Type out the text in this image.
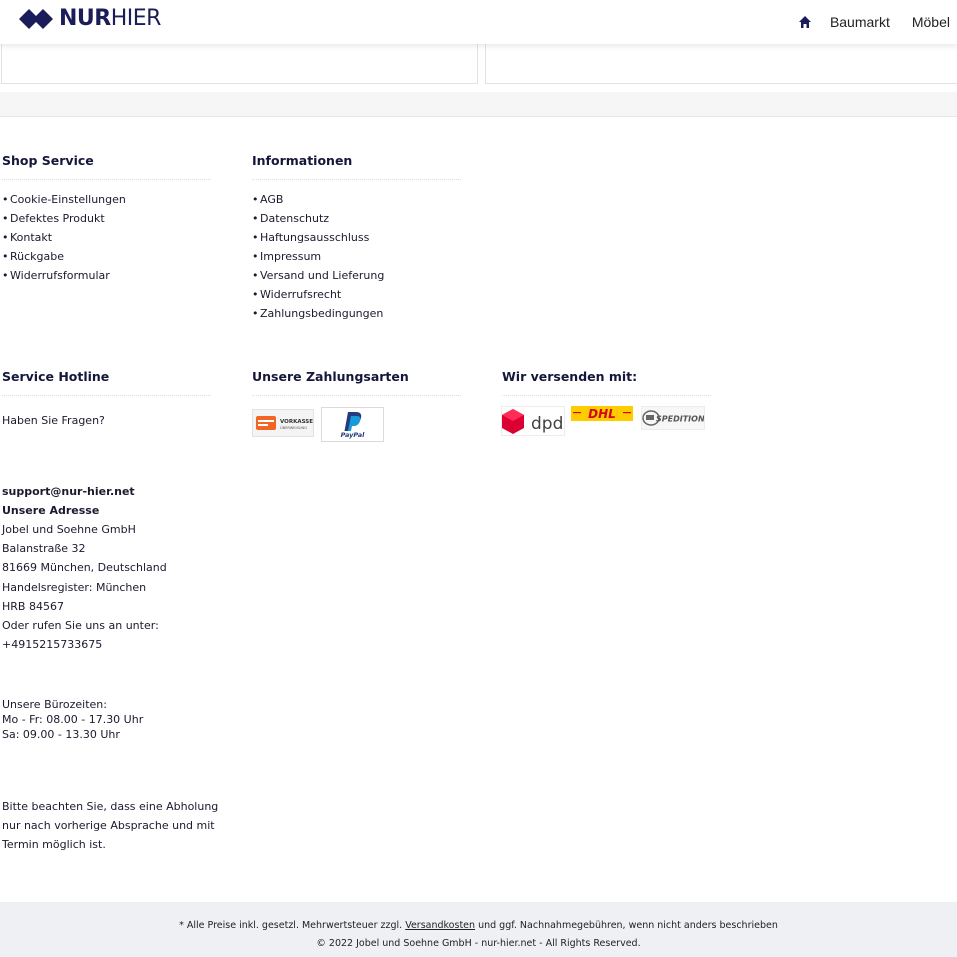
NURHIER	Baumarkt Möbel
Shop Service
• Cookie-Einstellungen
• Defektes Produkt
• Kontakt
• Rückgabe
• Widerrufsformular
Informationen
• AGB
• Datenschutz
• Haftungsausschluss
• Impressum
• Versand und Lieferung
• Widerrufsrecht
• Zahlungsbedingungen
Service Hotline
Haben Sie Fragen?
support@nur-hier.net
Unsere Adresse
Jobel und Soehne GmbH
Balanstraße 32
81669 München, Deutschland
Handelsregister: München
HRB 84567
Oder rufen Sie uns an unter:
+4915215733675
Unsere Bürozeiten:
Mo - Fr: 08.00 - 17.30 Uhr
Sa: 09.00 - 13.30 Uhr
Bitte beachten Sie, dass eine Abholung
nur nach vorherige Absprache und mit
Termin möglich ist.
Unsere Zahlungsarten
VORKASSE
ÜBERWEISUNG
PayPal
Wir versenden mit:
dpd DHL	SPEDITION
* Alle Preise inkl. gesetzl. Mehrwertsteuer zzgl. Versandkosten und ggf. Nachnahmegebühren, wenn nicht anders beschrieben
© 2022 Jobel und Soehne GmbH - nur-hier.net - All Rights Reserved.
